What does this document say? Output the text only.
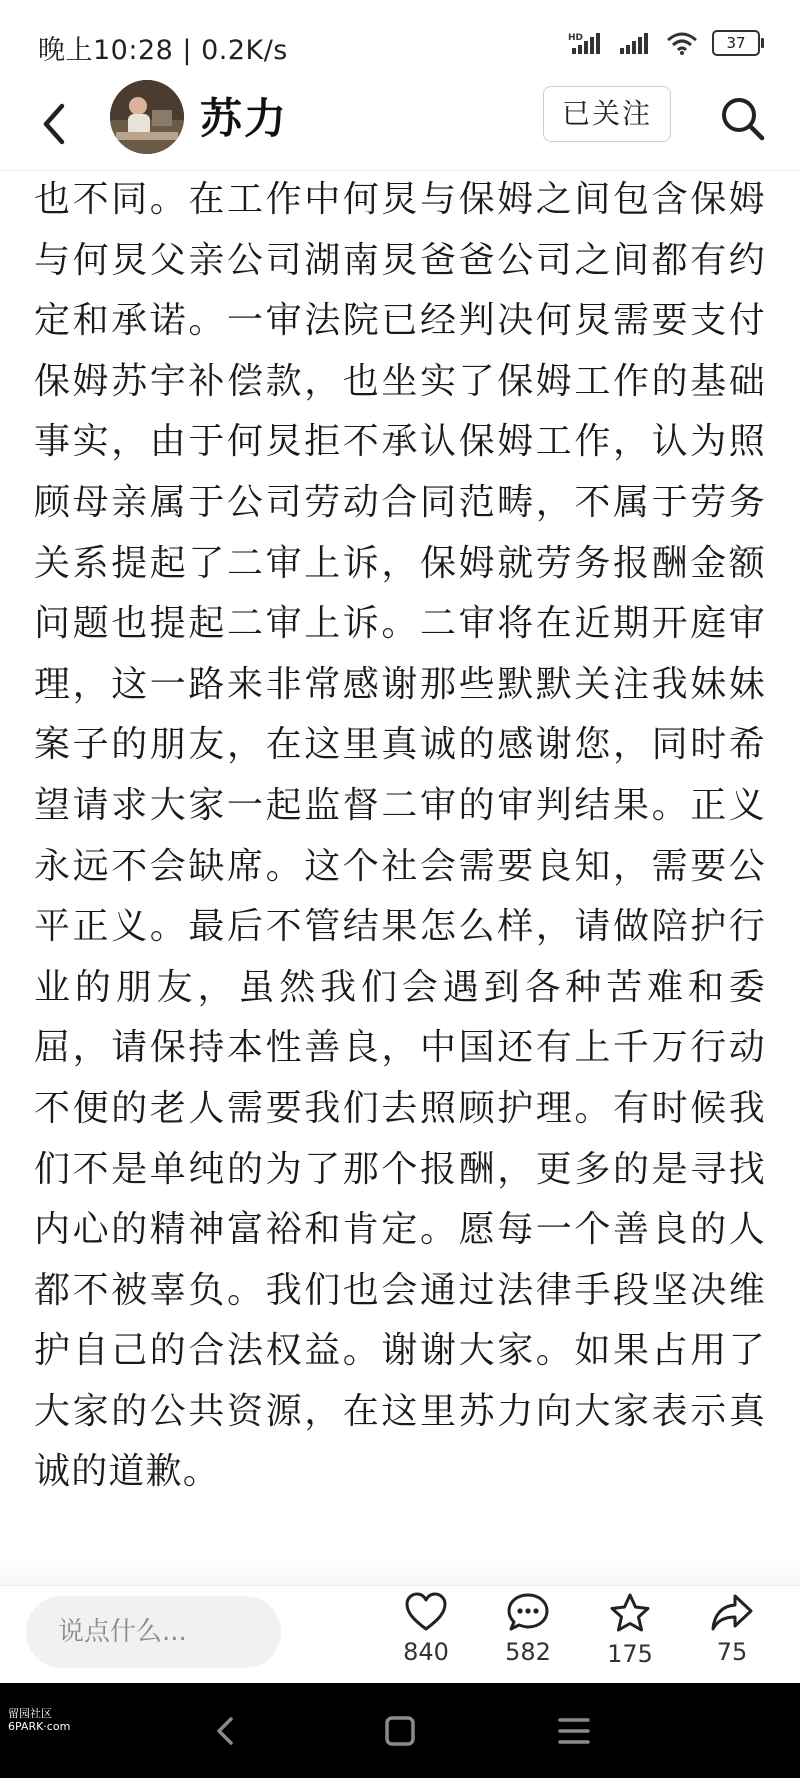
晚上10:28 | 0.2K/s	HD	37
苏力	已关注
也不同。在工作中何炅与保姆之间包含保姆与何炅父亲公司湖南炅爸爸公司之间都有约定和承诺。一审法院已经判决何炅需要支付保姆苏宇补偿款，也坐实了保姆工作的基础事实，由于何炅拒不承认保姆工作，认为照顾母亲属于公司劳动合同范畴，不属于劳务关系提起了二审上诉，保姆就劳务报酬金额问题也提起二审上诉。二审将在近期开庭审理，这一路来非常感谢那些默默关注我妹妹案子的朋友，在这里真诚的感谢您，同时希望请求大家一起监督二审的审判结果。正义永远不会缺席。这个社会需要良知，需要公平正义。最后不管结果怎么样，请做陪护行业的朋友，虽然我们会遇到各种苦难和委屈，请保持本性善良，中国还有上千万行动不便的老人需要我们去照顾护理。有时候我们不是单纯的为了那个报酬，更多的是寻找内心的精神富裕和肯定。愿每一个善良的人都不被辜负。我们也会通过法律手段坚决维护自己的合法权益。谢谢大家。如果占用了大家的公共资源，在这里苏力向大家表示真诚的道歉。
说点什么...
840	582	175	75
留园社区
6PARK·com
